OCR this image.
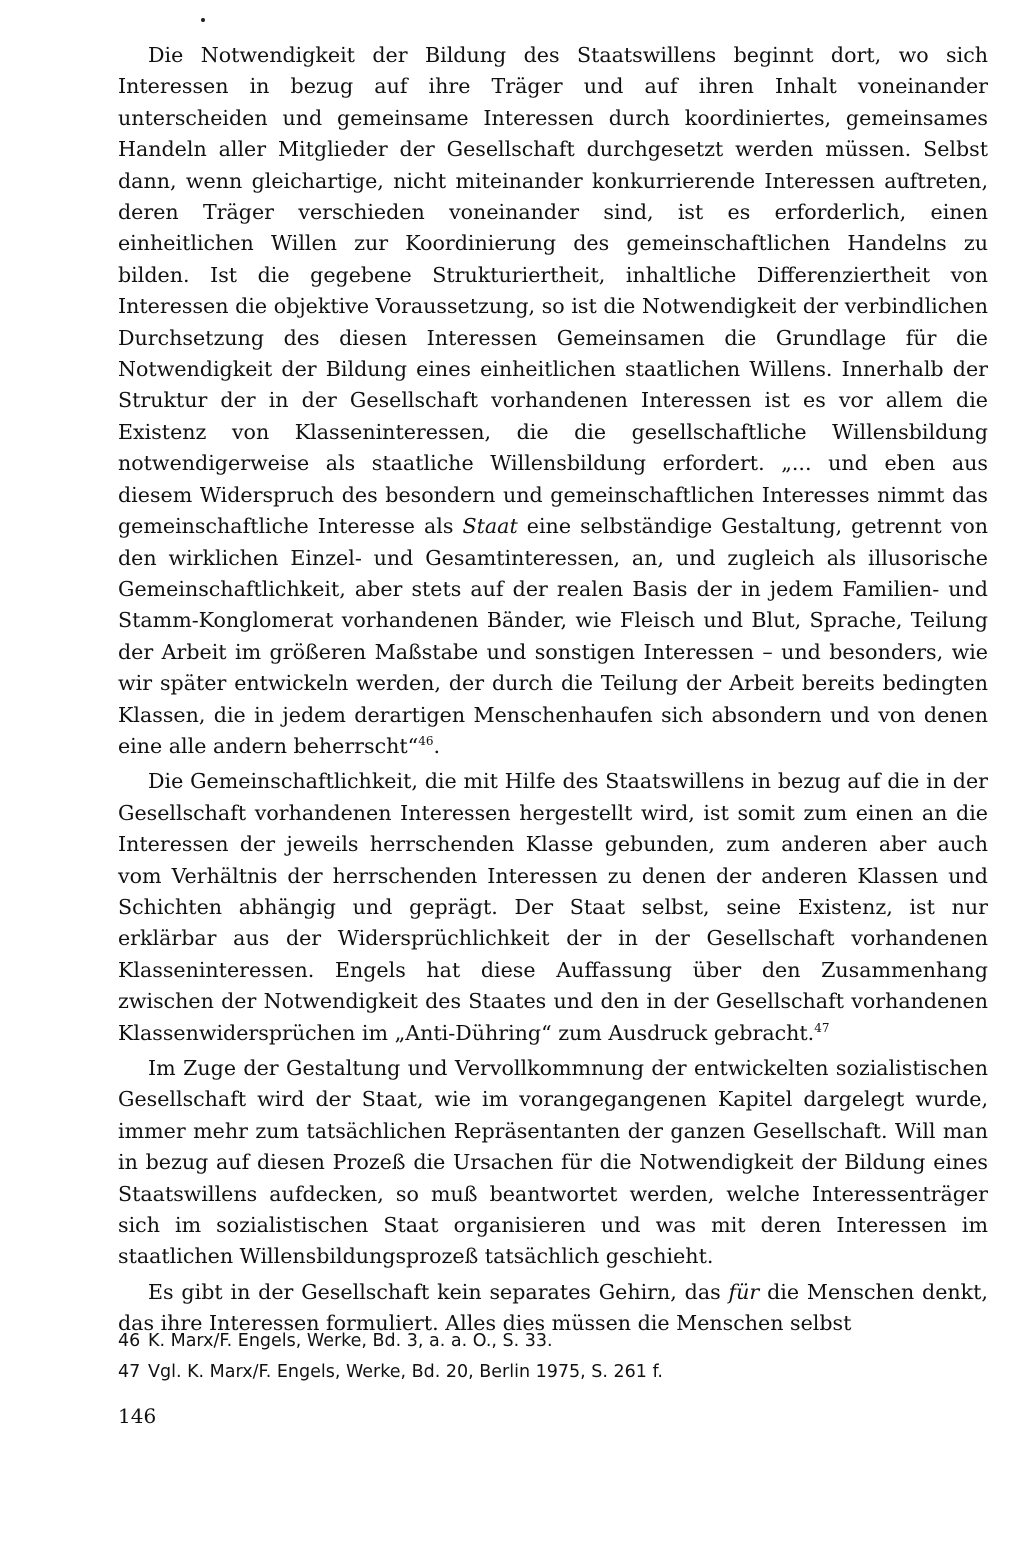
Die Notwendigkeit der Bildung des Staatswillens beginnt dort, wo sich Interessen in bezug auf ihre Träger und auf ihren Inhalt voneinander unterscheiden und gemeinsame Interessen durch koordiniertes, gemeinsames Handeln aller Mitglieder der Gesellschaft durchgesetzt werden müssen. Selbst dann, wenn gleichartige, nicht miteinander konkurrierende Interessen auftreten, deren Träger verschieden voneinander sind, ist es erforderlich, einen einheitlichen Willen zur Koordinierung des gemeinschaftlichen Handelns zu bilden. Ist die gegebene Strukturiertheit, inhaltliche Differenziertheit von Interessen die objektive Voraussetzung, so ist die Notwendigkeit der verbindlichen Durchsetzung des diesen Interessen Gemeinsamen die Grundlage für die Notwendigkeit der Bildung eines einheitlichen staatlichen Willens. Innerhalb der Struktur der in der Gesellschaft vorhandenen Interessen ist es vor allem die Existenz von Klasseninteressen, die die gesellschaftliche Willensbildung notwendigerweise als staatliche Willensbildung erfordert. „... und eben aus diesem Widerspruch des besondern und gemeinschaftlichen Interesses nimmt das gemeinschaftliche Interesse als Staat eine selbständige Gestaltung, getrennt von den wirklichen Einzel- und Gesamtinteressen, an, und zugleich als illusorische Gemeinschaftlichkeit, aber stets auf der realen Basis der in jedem Familien- und Stamm-Konglomerat vorhandenen Bänder, wie Fleisch und Blut, Sprache, Teilung der Arbeit im größeren Maßstabe und sonstigen Interessen – und besonders, wie wir später entwickeln werden, der durch die Teilung der Arbeit bereits bedingten Klassen, die in jedem derartigen Menschenhaufen sich absondern und von denen eine alle andern beherrscht“$^{46}$.

Die Gemeinschaftlichkeit, die mit Hilfe des Staatswillens in bezug auf die in der Gesellschaft vorhandenen Interessen hergestellt wird, ist somit zum einen an die Interessen der jeweils herrschenden Klasse gebunden, zum anderen aber auch vom Verhältnis der herrschenden Interessen zu denen der anderen Klassen und Schichten abhängig und geprägt. Der Staat selbst, seine Existenz, ist nur erklärbar aus der Widersprüchlichkeit der in der Gesellschaft vorhandenen Klasseninteressen. Engels hat diese Auffassung über den Zusammenhang zwischen der Notwendigkeit des Staates und den in der Gesellschaft vorhandenen Klassenwidersprüchen im „Anti-Dühring“ zum Ausdruck gebracht.$^{47}$

Im Zuge der Gestaltung und Vervollkommnung der entwickelten sozialistischen Gesellschaft wird der Staat, wie im vorangegangenen Kapitel dargelegt wurde, immer mehr zum tatsächlichen Repräsentanten der ganzen Gesellschaft. Will man in bezug auf diesen Prozeß die Ursachen für die Notwendigkeit der Bildung eines Staatswillens aufdecken, so muß beantwortet werden, welche Interessenträger sich im sozialistischen Staat organisieren und was mit deren Interessen im staatlichen Willensbildungsprozeß tatsächlich geschieht.

Es gibt in der Gesellschaft kein separates Gehirn, das für die Menschen denkt, das ihre Interessen formuliert. Alles dies müssen die Menschen selbst

46 K. Marx/F. Engels, Werke, Bd. 3, a. a. O., S. 33.
47 Vgl. K. Marx/F. Engels, Werke, Bd. 20, Berlin 1975, S. 261 f.
146
